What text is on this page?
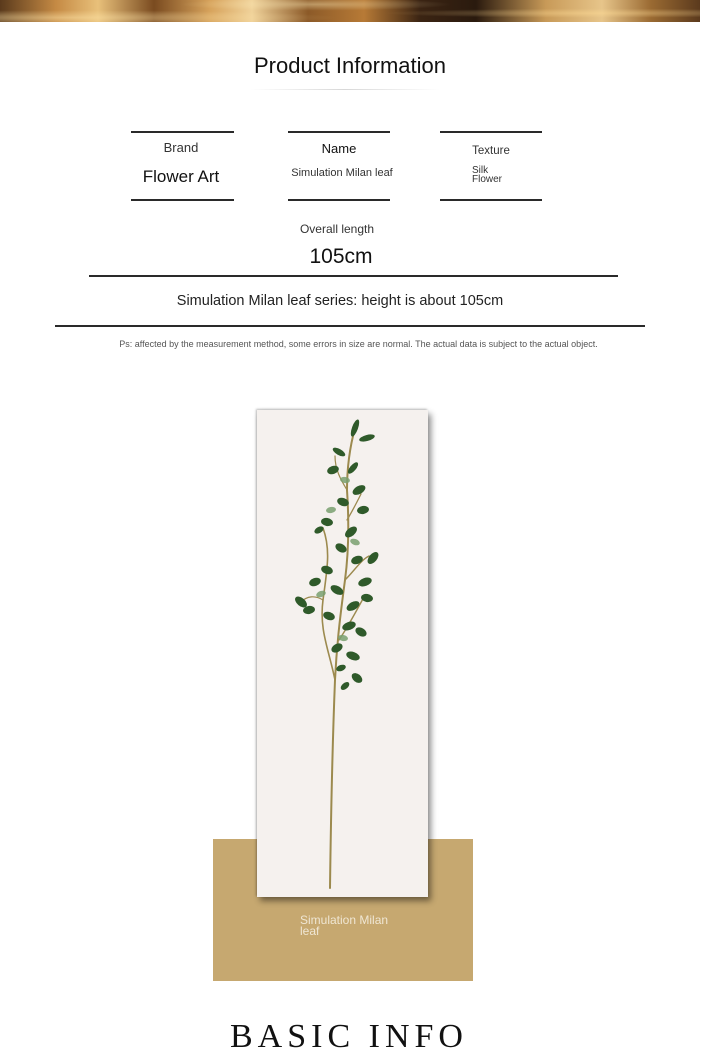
Product Information
Brand
Flower Art
Name
Simulation Milan leaf
Texture
Silk
Flower
Overall length
105cm
Simulation Milan leaf series: height is about 105cm
Ps: affected by the measurement method, some errors in size are normal. The actual data is subject to the actual object.
Simulation Milan
leaf
BASIC INFO
